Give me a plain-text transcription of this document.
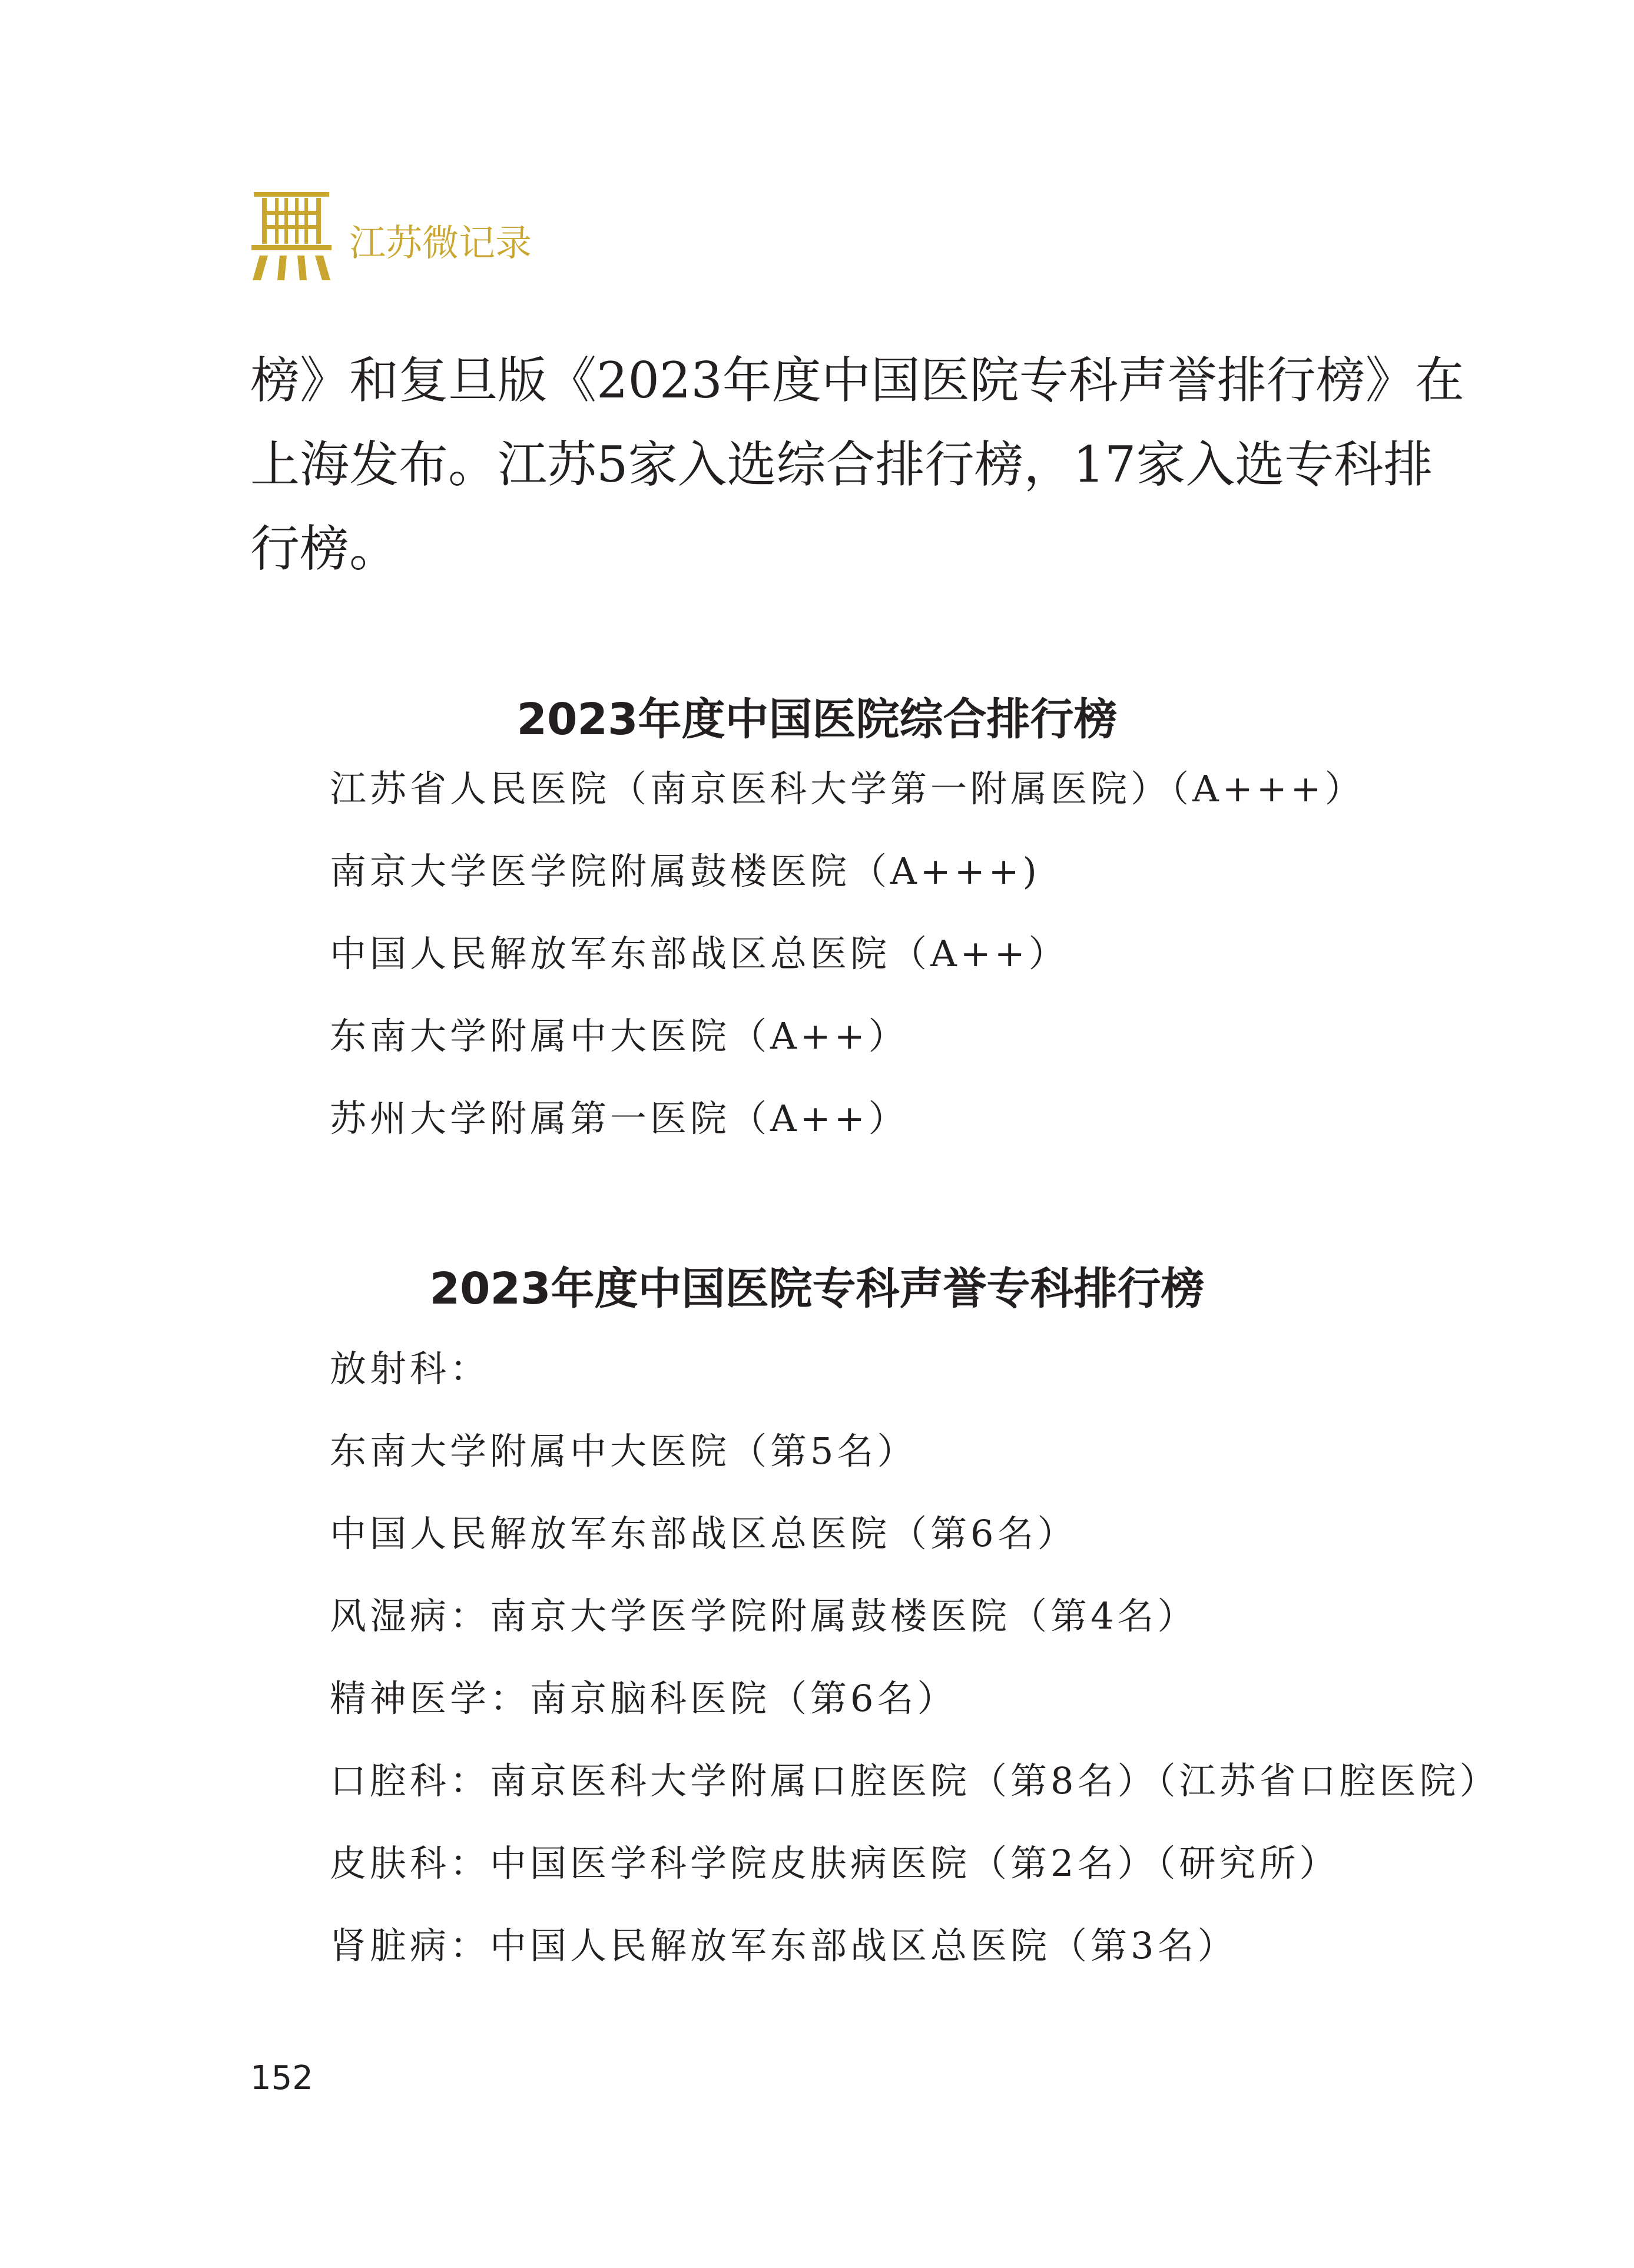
江苏微记录

榜》和复旦版《2023年度中国医院专科声誉排行榜》在

上海发布。江苏5家入选综合排行榜，17家入选专科排

行榜。

2023年度中国医院综合排行榜
江苏省人民医院（南京医科大学第一附属医院）（A+++）
南京大学医学院附属鼓楼医院（A+++)
中国人民解放军东部战区总医院（A++）
东南大学附属中大医院（A++）
苏州大学附属第一医院（A++）
2023年度中国医院专科声誉专科排行榜
放射科：
东南大学附属中大医院（第5名）
中国人民解放军东部战区总医院（第6名）
风湿病：南京大学医学院附属鼓楼医院（第4名）
精神医学：南京脑科医院（第6名）
口腔科：南京医科大学附属口腔医院（第8名）（江苏省口腔医院）
皮肤科：中国医学科学院皮肤病医院（第2名）（研究所）
肾脏病：中国人民解放军东部战区总医院（第3名）
152
